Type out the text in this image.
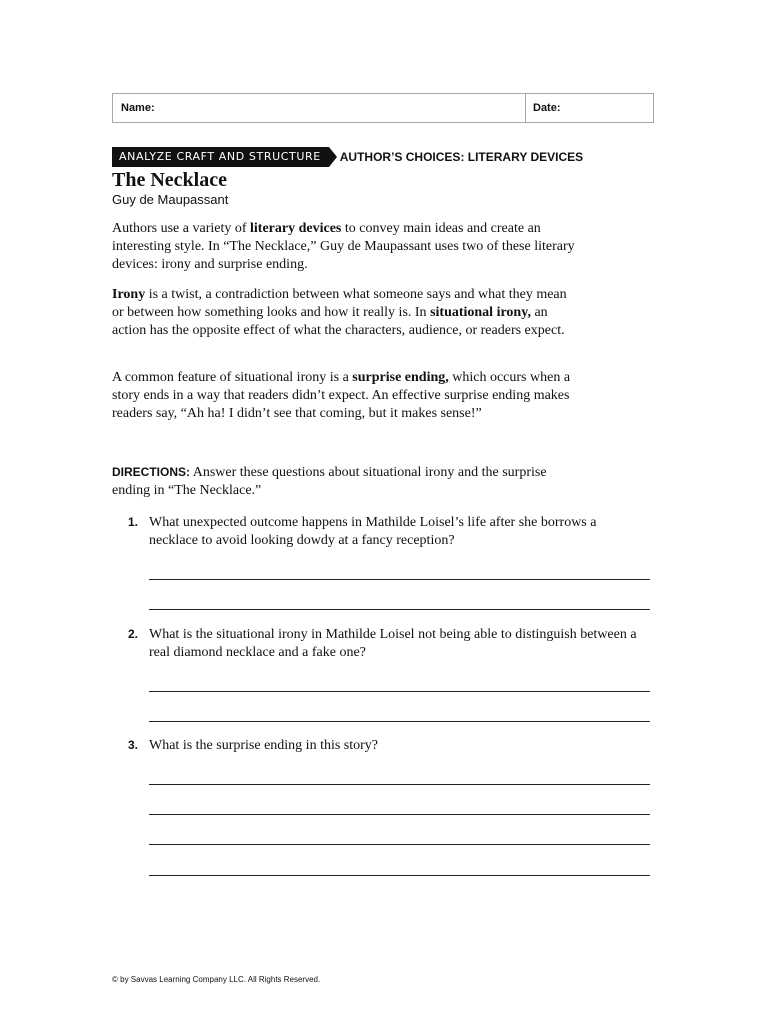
Name:	Date:
ANALYZE CRAFT AND STRUCTURE	AUTHOR’S CHOICES: LITERARY DEVICES
The Necklace
Guy de Maupassant

Authors use a variety of literary devices to convey main ideas and create an interesting style. In “The Necklace,” Guy de Maupassant uses two of these literary devices: irony and surprise ending.

Irony is a twist, a contradiction between what someone says and what they mean or between how something looks and how it really is. In situational irony, an action has the opposite effect of what the characters, audience, or readers expect.

A common feature of situational irony is a surprise ending, which occurs when a story ends in a way that readers didn’t expect. An effective surprise ending makes readers say, “Ah ha! I didn’t see that coming, but it makes sense!”

DIRECTIONS: Answer these questions about situational irony and the surprise ending in “The Necklace.”

1. What unexpected outcome happens in Mathilde Loisel’s life after she borrows a necklace to avoid looking dowdy at a fancy reception?

2. What is the situational irony in Mathilde Loisel not being able to distinguish between a real diamond necklace and a fake one?

3. What is the surprise ending in this story?

© by Savvas Learning Company LLC. All Rights Reserved.
